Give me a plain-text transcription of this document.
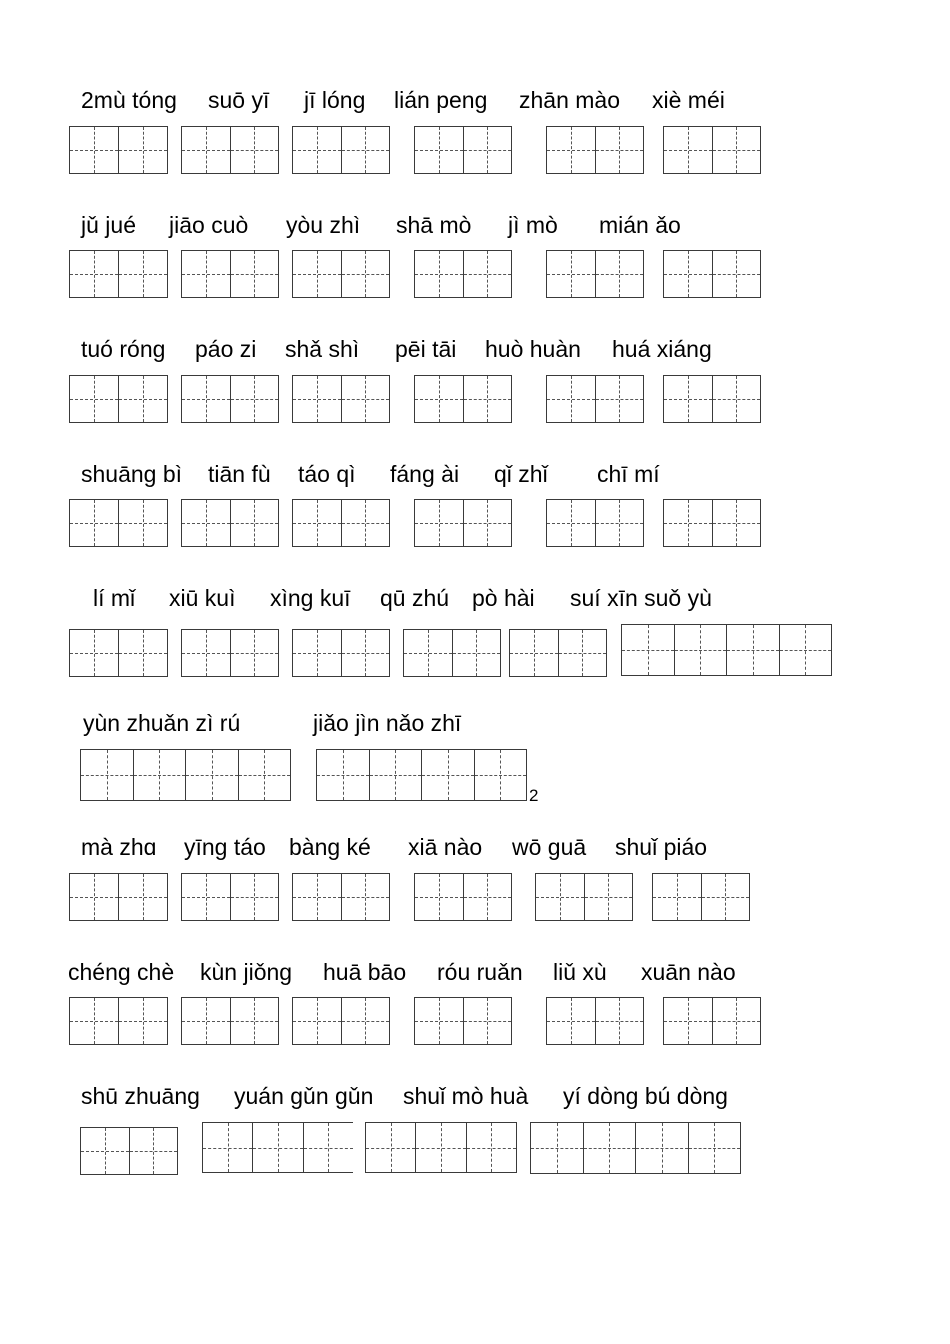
2mù tóng suō yī jī lóng lián peng zhān mào xiè méi
jǔ jué jiāo cuò yòu zhì shā mò jì mò mián ǎo
tuó róng páo zi shǎ shì pēi tāi huò huàn huá xiáng
shuāng bì tiān fù táo qì fáng ài qǐ zhǐ chī mí
lí mǐ xiū kuì xìng kuī qū zhú pò hài suí xīn suǒ yù
yùn zhuǎn zì rú	jiǎo jìn nǎo zhī
2
mà zhɑ yīng táo bàng ké xiā nào wō guā shuǐ piáo
chéng chè kùn jiǒng huā bāo róu ruǎn liǔ xù xuān nào
shū zhuāng yuán gǔn gǔn shuǐ mò huà yí dòng bú dòng
